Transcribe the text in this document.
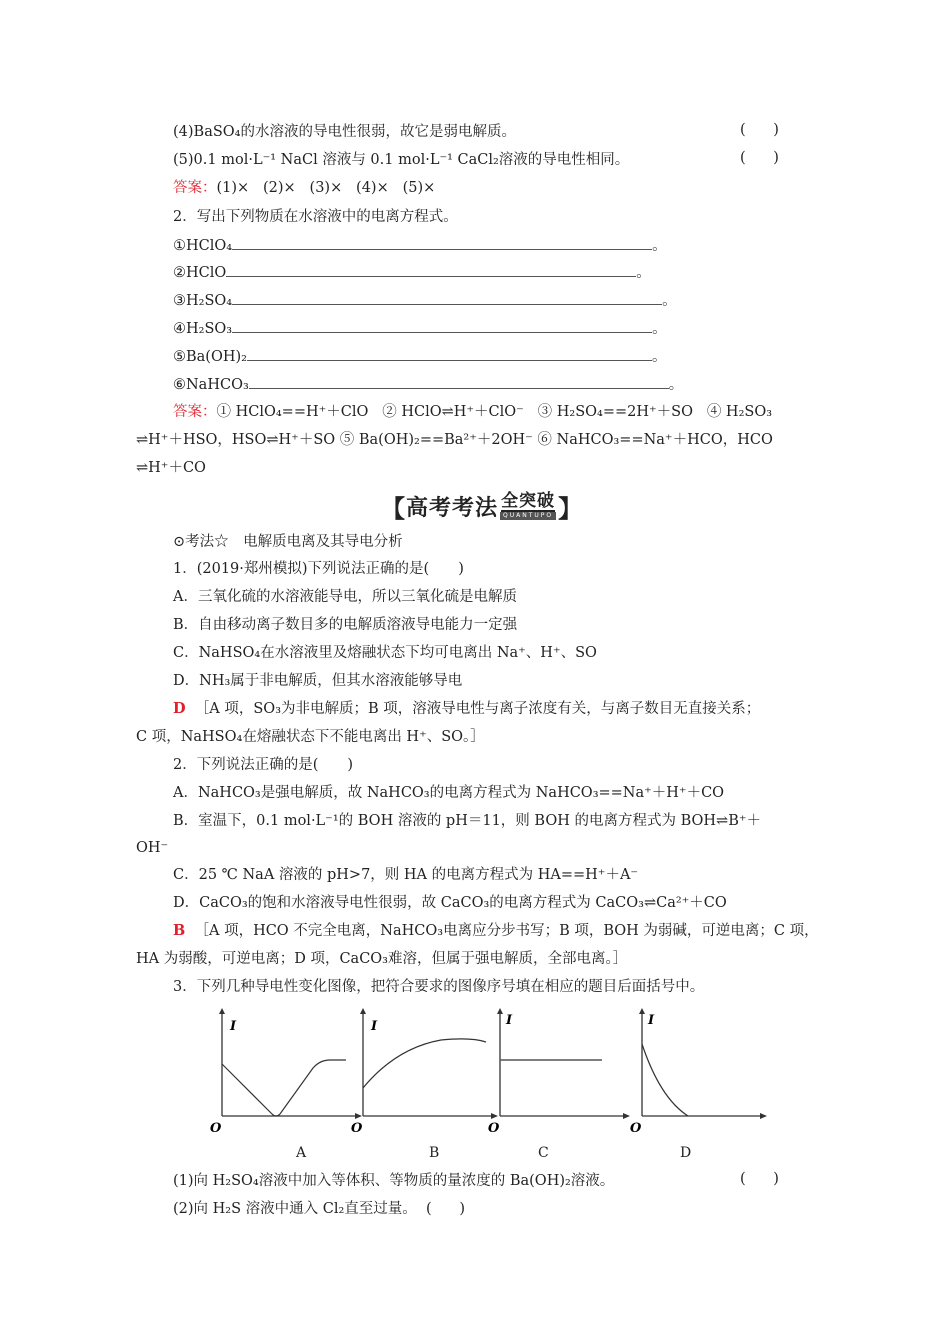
(4)BaSO₄的水溶液的导电性很弱，故它是弱电解质。	(      )
(5)0.1 mol·L⁻¹ NaCl 溶液与 0.1 mol·L⁻¹ CaCl₂溶液的导电性相同。	(      )
答案：(1)×   (2)×   (3)×   (4)×   (5)×
2．写出下列物质在水溶液中的电离方程式。
①HClO₄	。
②HClO	。
③H₂SO₄	。
④H₂SO₃	。
⑤Ba(OH)₂	。
⑥NaHCO₃	。
答案：① HClO₄==H⁺＋ClO   ② HClO⇌H⁺＋ClO⁻   ③ H₂SO₄==2H⁺＋SO   ④ H₂SO₃
⇌H⁺＋HSO，HSO⇌H⁺＋SO ⑤ Ba(OH)₂==Ba²⁺＋2OH⁻ ⑥ NaHCO₃==Na⁺＋HCO，HCO
⇌H⁺＋CO
【 高考考法 全突破
QUANTUPO 】
⊙考法☆　电解质电离及其导电分析
1．(2019·郑州模拟)下列说法正确的是(　　)
A．三氧化硫的水溶液能导电，所以三氧化硫是电解质
B．自由移动离子数目多的电解质溶液导电能力一定强
C．NaHSO₄在水溶液里及熔融状态下均可电离出 Na⁺、H⁺、SO
D．NH₃属于非电解质，但其水溶液能够导电
D ［A 项，SO₃为非电解质；B 项，溶液导电性与离子浓度有关，与离子数目无直接关系；
C 项，NaHSO₄在熔融状态下不能电离出 H⁺、SO。］
2．下列说法正确的是(　　)
A．NaHCO₃是强电解质，故 NaHCO₃的电离方程式为 NaHCO₃==Na⁺＋H⁺＋CO
B．室温下，0.1 mol·L⁻¹的 BOH 溶液的 pH＝11，则 BOH 的电离方程式为 BOH⇌B⁺＋
OH⁻
C．25 ℃ NaA 溶液的 pH>7，则 HA 的电离方程式为 HA==H⁺＋A⁻
D．CaCO₃的饱和水溶液导电性很弱，故 CaCO₃的电离方程式为 CaCO₃⇌Ca²⁺＋CO
B ［A 项，HCO 不完全电离，NaHCO₃电离应分步书写；B 项，BOH 为弱碱，可逆电离；C 项，
HA 为弱酸，可逆电离；D 项，CaCO₃难溶，但属于强电解质，全部电离。］
3．下列几种导电性变化图像，把符合要求的图像序号填在相应的题目后面括号中。
I
O
A
I
O
B
I
O
C
I
O
D
(1)向 H₂SO₄溶液中加入等体积、等物质的量浓度的 Ba(OH)₂溶液。	(      )
(2)向 H₂S 溶液中通入 Cl₂直至过量。 (      )
